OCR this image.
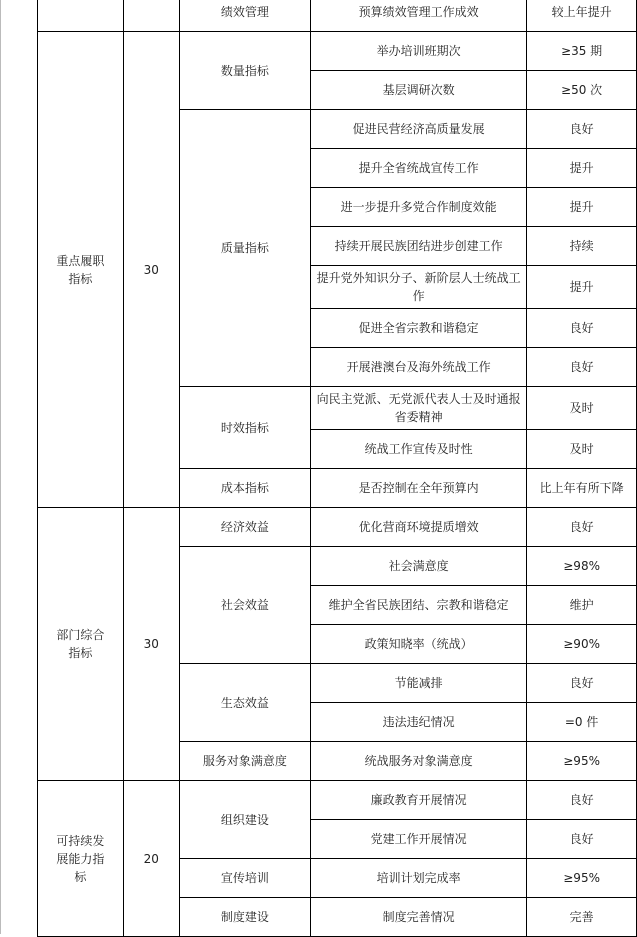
		绩效管理	预算绩效管理工作成效	较上年提升
重点履职指标	30	数量指标	举办培训班期次	≥35 期
			基层调研次数	≥50 次
		质量指标	促进民营经济高质量发展	良好
			提升全省统战宣传工作	提升
			进一步提升多党合作制度效能	提升
			持续开展民族团结进步创建工作	持续
			提升党外知识分子、新阶层人士统战工作	提升
			促进全省宗教和谐稳定	良好
			开展港澳台及海外统战工作	良好
		时效指标	向民主党派、无党派代表人士及时通报省委精神	及时
			统战工作宣传及时性	及时
		成本指标	是否控制在全年预算内	比上年有所下降
部门综合指标	30	经济效益	优化营商环境提质增效	良好
		社会效益	社会满意度	≥98%
			维护全省民族团结、宗教和谐稳定	维护
			政策知晓率（统战）	≥90%
		生态效益	节能减排	良好
			违法违纪情况	=0 件
		服务对象满意度	统战服务对象满意度	≥95%
可持续发展能力指标	20	组织建设	廉政教育开展情况	良好
			党建工作开展情况	良好
		宣传培训	培训计划完成率	≥95%
		制度建设	制度完善情况	完善
